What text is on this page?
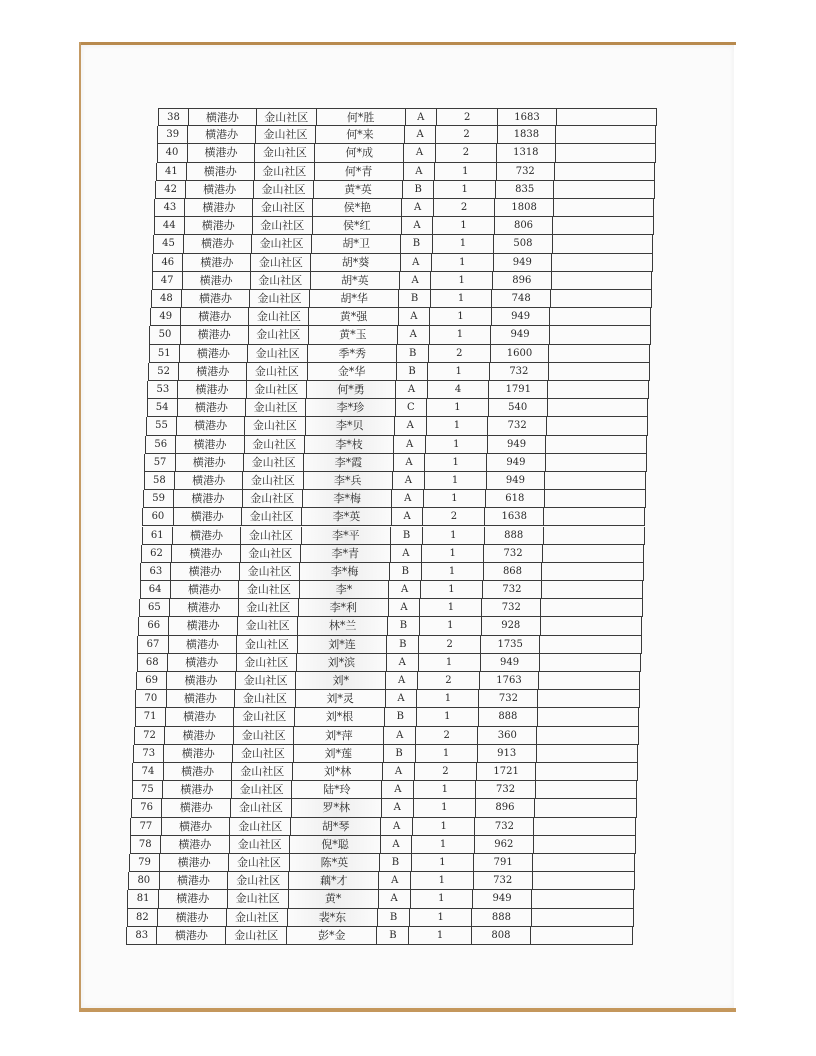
38	横港办	金山社区	何*胜	A	2	1683
39	横港办	金山社区	何*来	A	2	1838
40	横港办	金山社区	何*成	A	2	1318
41	横港办	金山社区	何*青	A	1	732
42	横港办	金山社区	黄*英	B	1	835
43	横港办	金山社区	侯*艳	A	2	1808
44	横港办	金山社区	侯*红	A	1	806
45	横港办	金山社区	胡*卫	B	1	508
46	横港办	金山社区	胡*葵	A	1	949
47	横港办	金山社区	胡*英	A	1	896
48	横港办	金山社区	胡*华	B	1	748
49	横港办	金山社区	黄*强	A	1	949
50	横港办	金山社区	黄*玉	A	1	949
51	横港办	金山社区	季*秀	B	2	1600
52	横港办	金山社区	金*华	B	1	732
53	横港办	金山社区	何*勇	A	4	1791
54	横港办	金山社区	李*珍	C	1	540
55	横港办	金山社区	李*贝	A	1	732
56	横港办	金山社区	李*枝	A	1	949
57	横港办	金山社区	李*霞	A	1	949
58	横港办	金山社区	李*兵	A	1	949
59	横港办	金山社区	李*梅	A	1	618
60	横港办	金山社区	李*英	A	2	1638
61	横港办	金山社区	李*平	B	1	888
62	横港办	金山社区	李*青	A	1	732
63	横港办	金山社区	李*梅	B	1	868
64	横港办	金山社区	李*	A	1	732
65	横港办	金山社区	李*利	A	1	732
66	横港办	金山社区	林*兰	B	1	928
67	横港办	金山社区	刘*连	B	2	1735
68	横港办	金山社区	刘*滨	A	1	949
69	横港办	金山社区	刘*	A	2	1763
70	横港办	金山社区	刘*灵	A	1	732
71	横港办	金山社区	刘*根	B	1	888
72	横港办	金山社区	刘*萍	A	2	360
73	横港办	金山社区	刘*莲	B	1	913
74	横港办	金山社区	刘*林	A	2	1721
75	横港办	金山社区	陆*玲	A	1	732
76	横港办	金山社区	罗*林	A	1	896
77	横港办	金山社区	胡*琴	A	1	732
78	横港办	金山社区	倪*聪	A	1	962
79	横港办	金山社区	陈*英	B	1	791
80	横港办	金山社区	藕*才	A	1	732
81	横港办	金山社区	黄*	A	1	949
82	横港办	金山社区	裴*东	B	1	888
83	横港办	金山社区	彭*金	B	1	808
